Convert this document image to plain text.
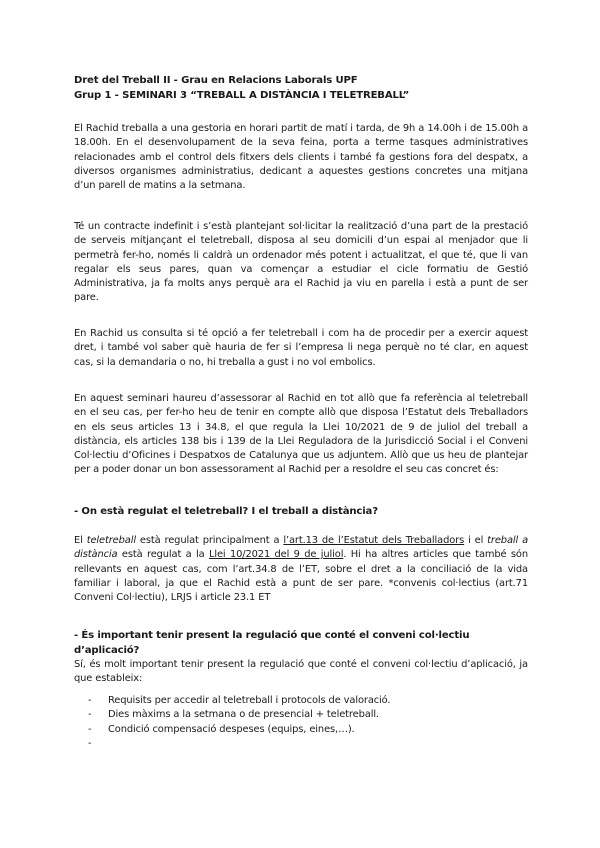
Dret del Treball II - Grau en Relacions Laborals UPF

Grup 1 - SEMINARI 3 “TREBALL A DISTÀNCIA I TELETREBALL”

El Rachid treballa a una gestoria en horari partit de matí i tarda, de 9h a 14.00h i de 15.00h a 18.00h. En el desenvolupament de la seva feina, porta a terme tasques administratives relacionades amb el control dels fitxers dels clients i també fa gestions fora del despatx, a diversos organismes administratius, dedicant a aquestes gestions concretes una mitjana d’un parell de matins a la setmana.

Té un contracte indefinit i s’està plantejant sol·licitar la realització d’una part de la prestació de serveis mitjançant el teletreball, disposa al seu domicili d’un espai al menjador que li permetrà fer-ho, només li caldrà un ordenador més potent i actualitzat, el que té, que li van regalar els seus pares, quan va començar a estudiar el cicle formatiu de Gestió Administrativa, ja fa molts anys perquè ara el Rachid ja viu en parella i està a punt de ser pare.

En Rachid us consulta si té opció a fer teletreball i com ha de procedir per a exercir aquest dret, i també vol saber què hauria de fer si l’empresa li nega perquè no té clar, en aquest cas, si la demandaria o no, hi treballa a gust i no vol embolics.

En aquest seminari haureu d’assessorar al Rachid en tot allò que fa referència al teletreball en el seu cas, per fer-ho heu de tenir en compte allò que disposa l’Estatut dels Treballadors en els seus articles 13 i 34.8, el que regula la Llei 10/2021 de 9 de juliol del treball a distància, els articles 138 bis i 139 de la Llei Reguladora de la Jurisdicció Social i el Conveni Col·lectiu d’Oficines i Despatxos de Catalunya que us adjuntem. Allò que us heu de plantejar per a poder donar un bon assessorament al Rachid per a resoldre el seu cas concret és:

- On està regulat el teletreball? I el treball a distància?

El teletreball està regulat principalment a l’art.13 de l’Estatut dels Treballadors i el treball a distància està regulat a la Llei 10/2021 del 9 de juliol. Hi ha altres articles que també són rellevants en aquest cas, com l’art.34.8 de l’ET, sobre el dret a la conciliació de la vida familiar i laboral, ja que el Rachid està a punt de ser pare. *convenis col·lectius (art.71 Conveni Col·lectiu), LRJS i article 23.1 ET

- És important tenir present la regulació que conté el conveni col·lectiu d’aplicació?

Sí, és molt important tenir present la regulació que conté el conveni col·lectiu d’aplicació, ja que estableix:

- Requisits per accedir al teletreball i protocols de valoració.
- Dies màxims a la setmana o de presencial + teletreball.
- Condició compensació despeses (equips, eines,…).
-
